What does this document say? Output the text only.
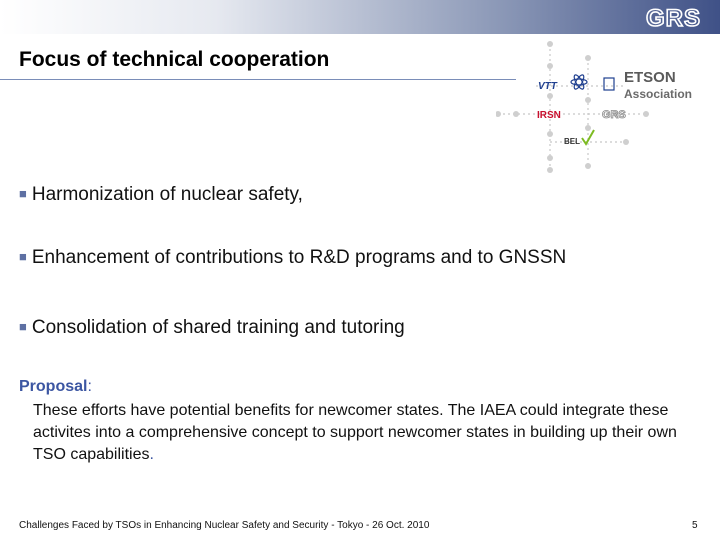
GRS
Focus of technical cooperation
VTT
IRSN	GRS
BEL
ETSON
Association
■ Harmonization of nuclear safety,
■ Enhancement of contributions to R&D programs and to GNSSN
■ Consolidation of shared training and tutoring
Proposal:
These efforts have potential benefits for newcomer states. The IAEA could integrate these activites into a comprehensive concept to support newcomer states in building up their own TSO capabilities.
Challenges Faced by TSOs in Enhancing Nuclear Safety and Security - Tokyo - 26 Oct. 2010	5
